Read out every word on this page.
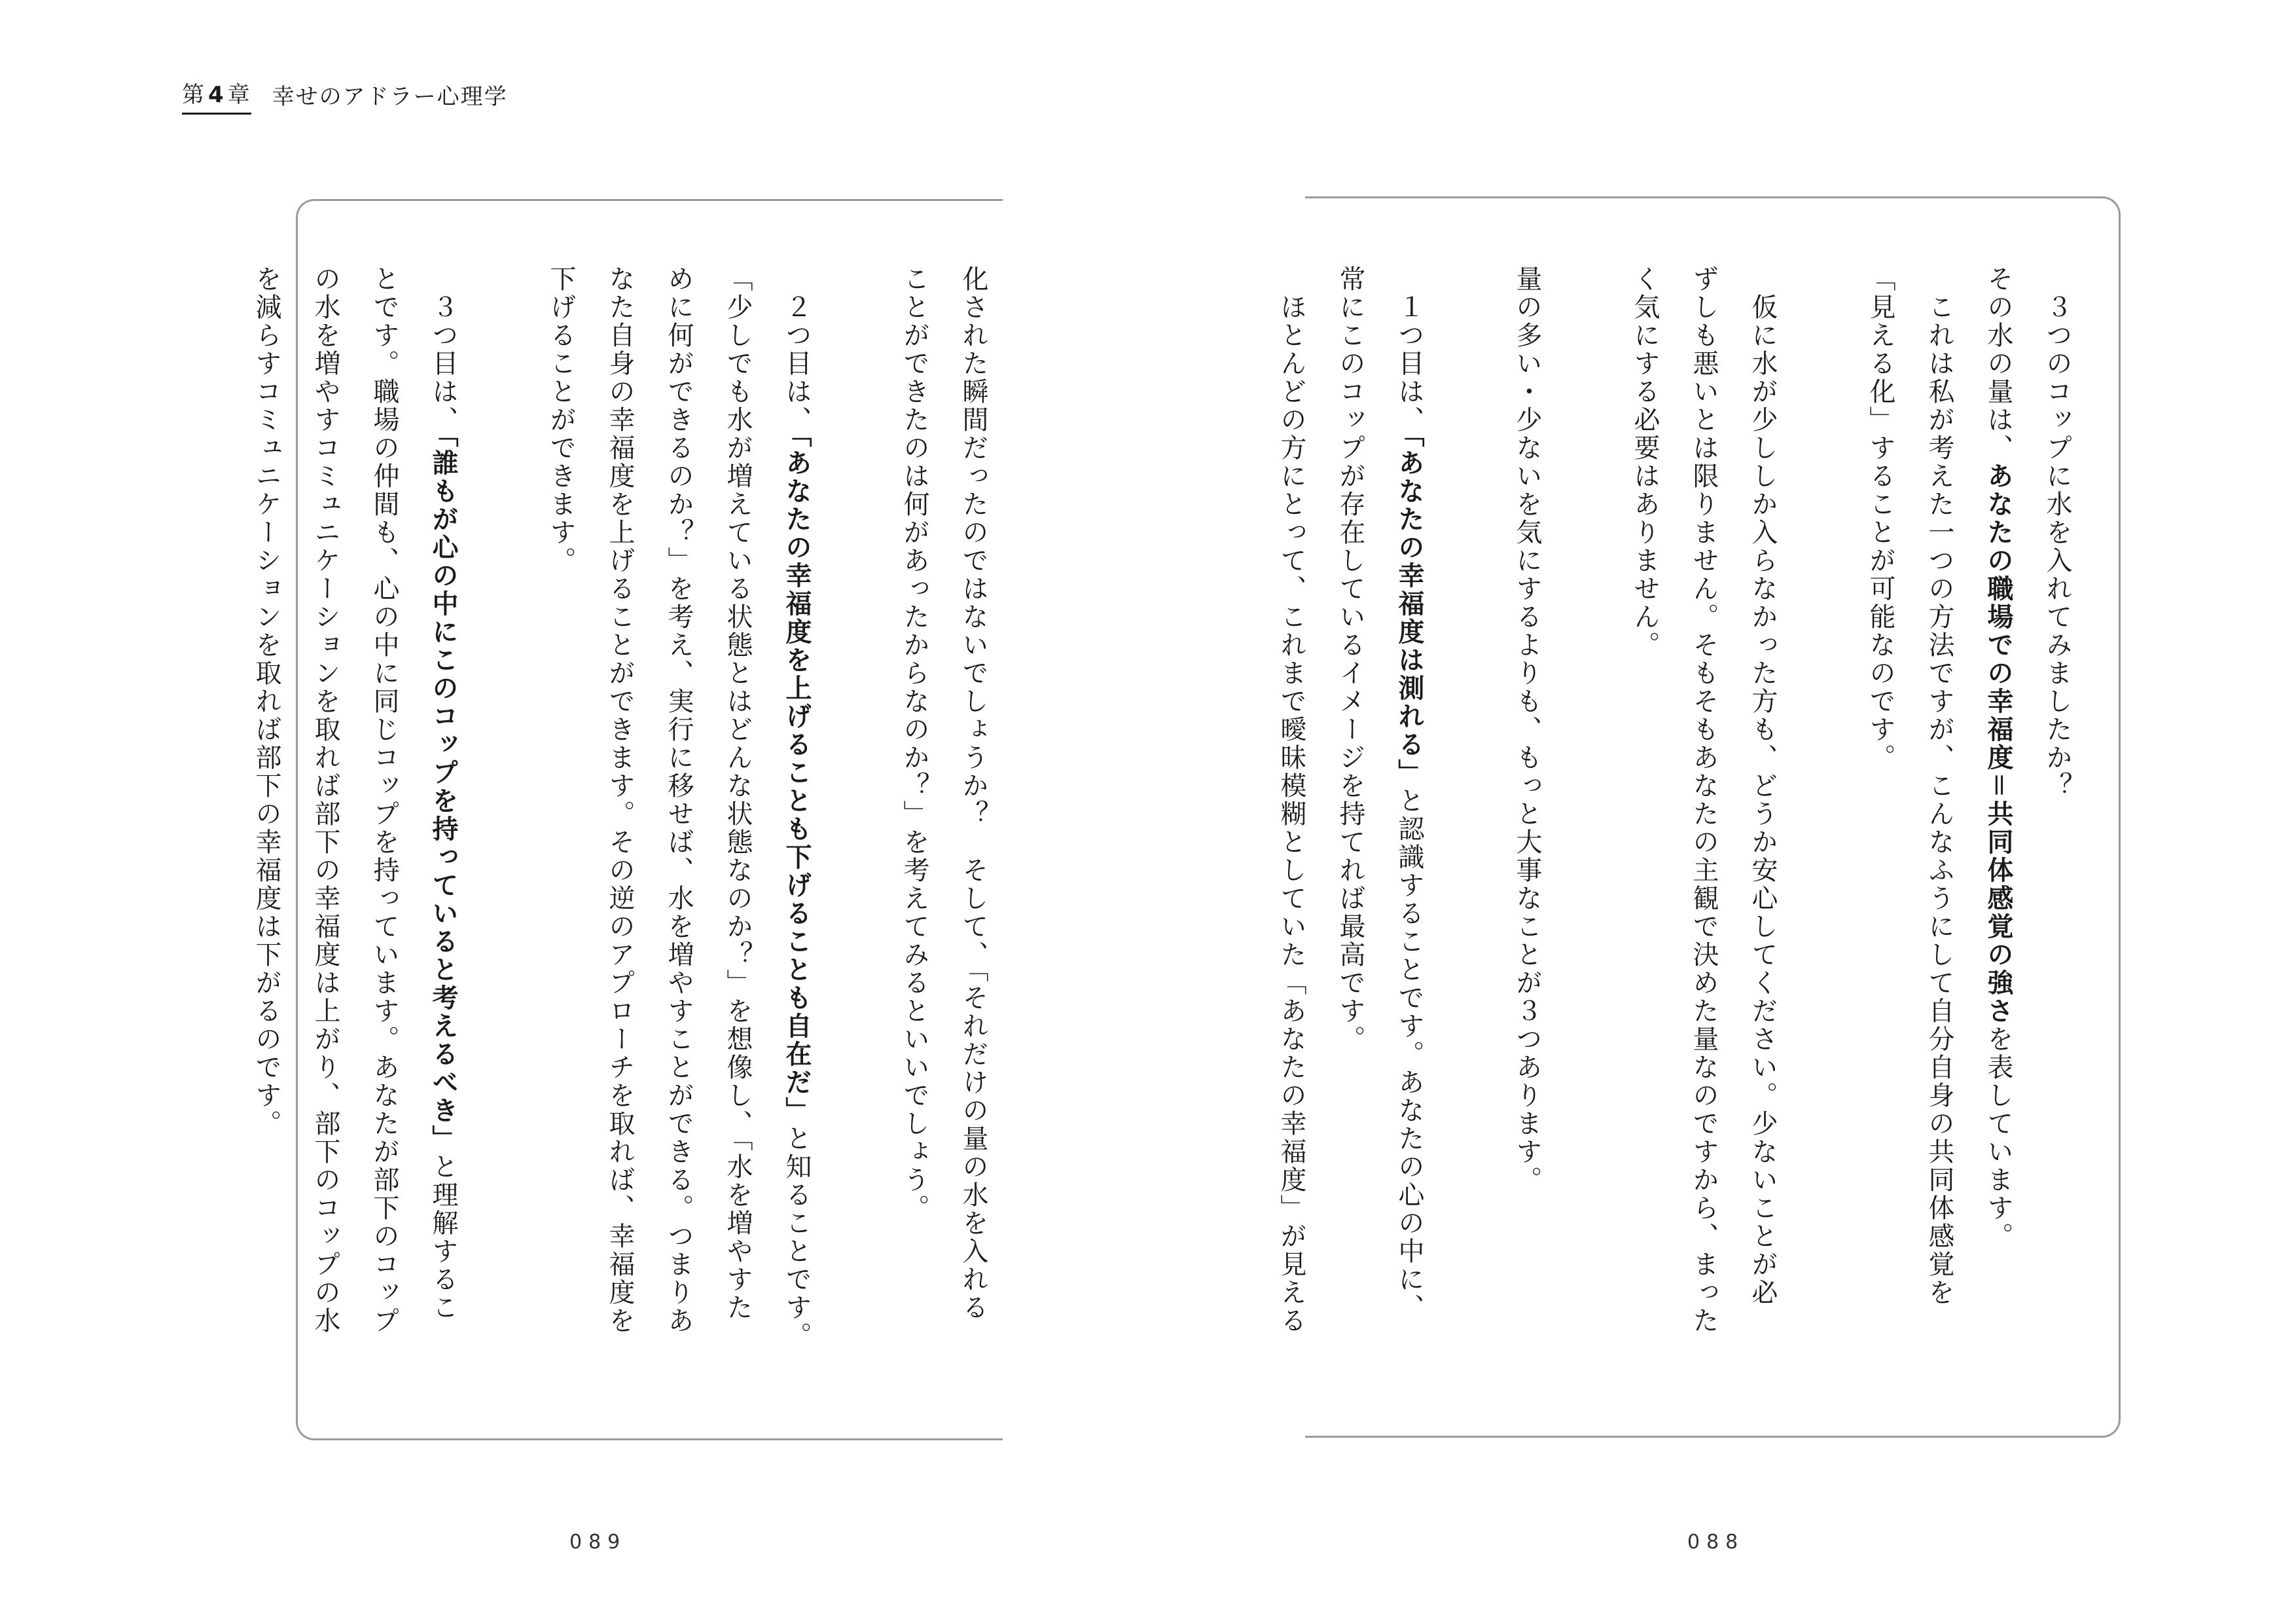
第 4 章 幸せのアドラー心理学
　３つのコップに水を入れてみましたか？
その水の量は、あなたの職場での幸福度＝共同体感覚の強さを表しています。
　これは私が考えた一つの方法ですが、こんなふうにして自分自身の共同体感覚を
「見える化」することが可能なのです。
　仮に水が少ししか入らなかった方も、どうか安心してください。少ないことが必
ずしも悪いとは限りません。そもそもあなたの主観で決めた量なのですから、まった
く気にする必要はありません。
量の多い・少ないを気にするよりも、もっと大事なことが３つあります。
　１つ目は、「あなたの幸福度は測れる」と認識することです。あなたの心の中に、
常にこのコップが存在しているイメージを持てれば最高です。
　ほとんどの方にとって、これまで曖昧模糊としていた「あなたの幸福度」が見える
化された瞬間だったのではないでしょうか？　そして、「それだけの量の水を入れる
ことができたのは何があったからなのか？」を考えてみるといいでしょう。
　２つ目は、「あなたの幸福度を上げることも下げることも自在だ」と知ることです。
「少しでも水が増えている状態とはどんな状態なのか？」を想像し、「水を増やすた
めに何ができるのか？」を考え、実行に移せば、水を増やすことができる。つまりあ
なた自身の幸福度を上げることができます。その逆のアプローチを取れば、幸福度を
下げることができます。
　３つ目は、「誰もが心の中にこのコップを持っていると考えるべき」と理解するこ
とです。職場の仲間も、心の中に同じコップを持っています。あなたが部下のコップ
の水を増やすコミュニケーションを取れば部下の幸福度は上がり、部下のコップの水
を減らすコミュニケーションを取れば部下の幸福度は下がるのです。
089	088
